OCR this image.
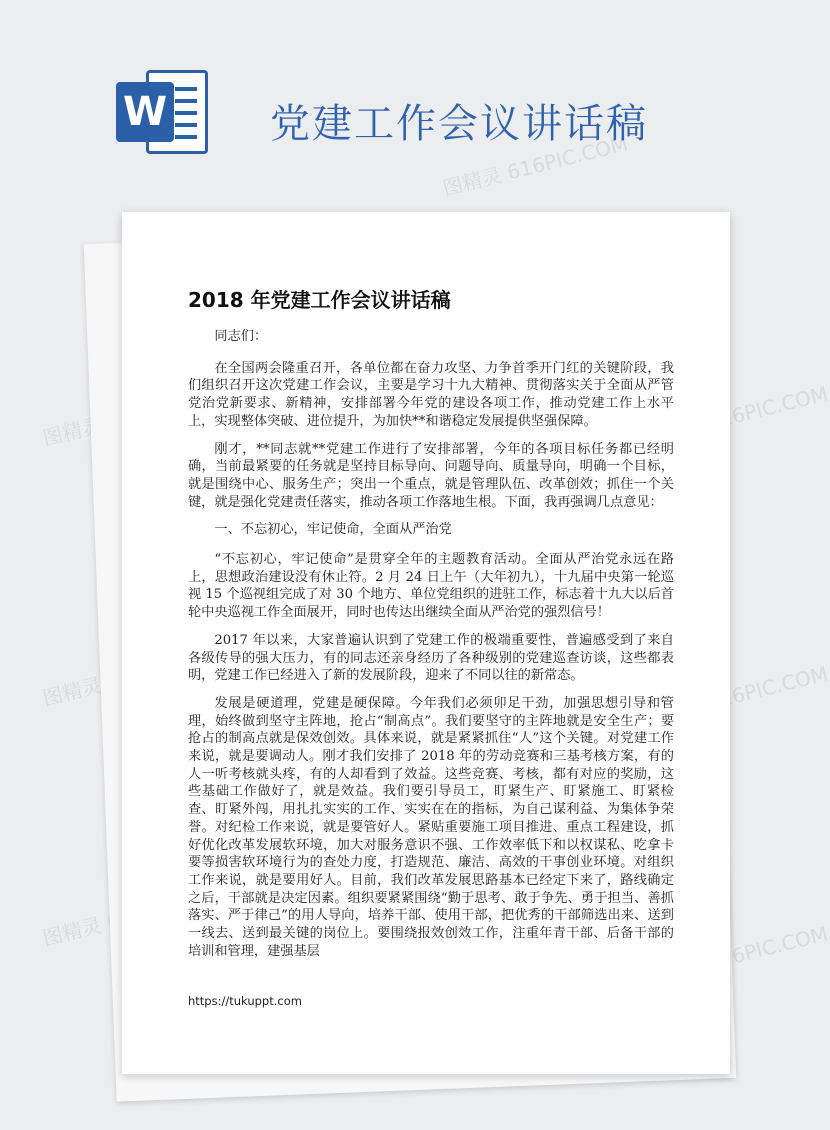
图精灵 616PIC.COM
图精灵	图精灵 616PIC.COM
图精灵	图精灵 616PIC.COM
图精灵	图精灵 616PIC.COM
W	党建工作会议讲话稿
2018 年党建工作会议讲话稿

同志们：

在全国两会隆重召开，各单位都在奋力攻坚、力争首季开门红的关键阶段，我们组织召开这次党建工作会议，主要是学习十九大精神、贯彻落实关于全面从严管党治党新要求、新精神，安排部署今年党的建设各项工作，推动党建工作上水平上，实现整体突破、进位提升，为加快**和谐稳定发展提供坚强保障。

刚才，**同志就**党建工作进行了安排部署，今年的各项目标任务都已经明确，当前最紧要的任务就是坚持目标导向、问题导向、质量导向，明确一个目标，就是围绕中心、服务生产；突出一个重点，就是管理队伍、改革创效；抓住一个关键，就是强化党建责任落实，推动各项工作落地生根。下面，我再强调几点意见：

一、不忘初心，牢记使命，全面从严治党

“不忘初心，牢记使命”是贯穿全年的主题教育活动。全面从严治党永远在路上，思想政治建设没有休止符。2 月 24 日上午（大年初九），十九届中央第一轮巡视 15 个巡视组完成了对 30 个地方、单位党组织的进驻工作，标志着十九大以后首轮中央巡视工作全面展开，同时也传达出继续全面从严治党的强烈信号！

2017 年以来，大家普遍认识到了党建工作的极端重要性，普遍感受到了来自各级传导的强大压力，有的同志还亲身经历了各种级别的党建巡查访谈，这些都表明，党建工作已经进入了新的发展阶段，迎来了不同以往的新常态。

发展是硬道理，党建是硬保障。今年我们必须卯足干劲，加强思想引导和管理，始终做到坚守主阵地，抢占“制高点”。我们要坚守的主阵地就是安全生产；要抢占的制高点就是保效创效。具体来说，就是紧紧抓住“人”这个关键。对党建工作来说，就是要调动人。刚才我们安排了 2018 年的劳动竞赛和三基考核方案，有的人一听考核就头疼，有的人却看到了效益。这些竞赛、考核，都有对应的奖励，这些基础工作做好了，就是效益。我们要引导员工，盯紧生产、盯紧施工、盯紧检查、盯紧外闯，用扎扎实实的工作、实实在在的指标，为自己谋利益、为集体争荣誉。对纪检工作来说，就是要管好人。紧贴重要施工项目推进、重点工程建设，抓好优化改革发展软环境，加大对服务意识不强、工作效率低下和以权谋私、吃拿卡要等损害软环境行为的查处力度，打造规范、廉洁、高效的干事创业环境。对组织工作来说，就是要用好人。目前，我们改革发展思路基本已经定下来了，路线确定之后，干部就是决定因素。组织要紧紧围绕“勤于思考、敢于争先、勇于担当、善抓落实、严于律己”的用人导向，培养干部、使用干部，把优秀的干部筛选出来、送到一线去、送到最关键的岗位上。要围绕报效创效工作，注重年青干部、后备干部的培训和管理，建强基层

https://tukuppt.com
